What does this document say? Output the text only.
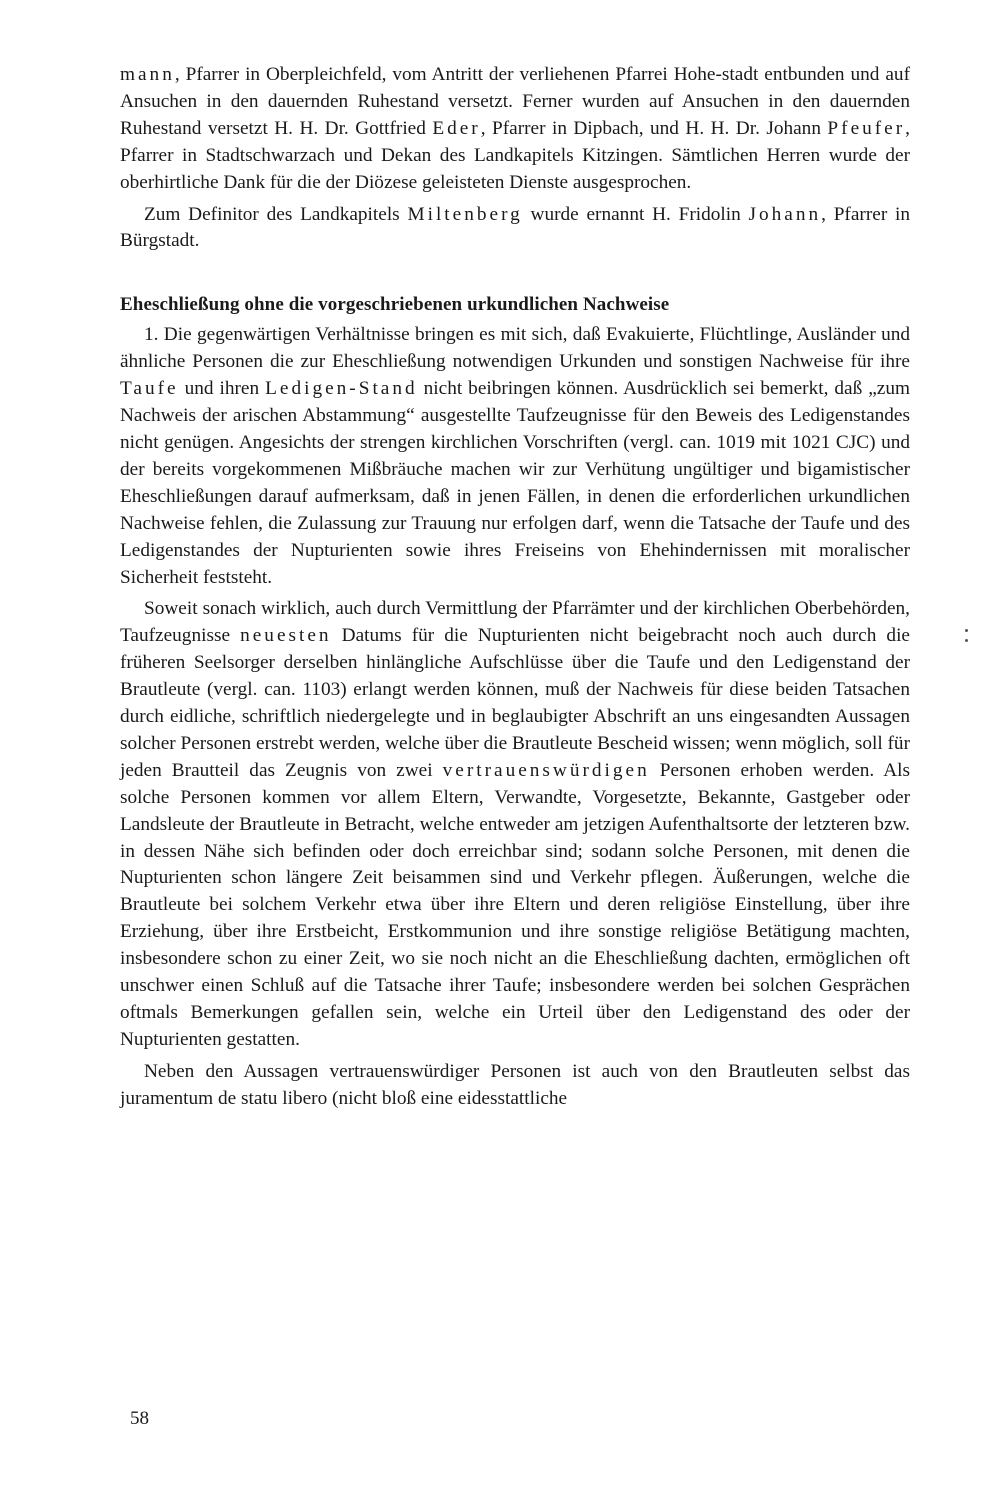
mann, Pfarrer in Oberpleichfeld, vom Antritt der verliehenen Pfarrei Hohe-stadt entbunden und auf Ansuchen in den dauernden Ruhestand versetzt. Ferner wurden auf Ansuchen in den dauernden Ruhestand versetzt H. H. Dr. Gottfried Eder, Pfarrer in Dipbach, und H. H. Dr. Johann Pfeufer, Pfarrer in Stadtschwarzach und Dekan des Landkapitels Kitzingen. Sämtlichen Herren wurde der oberhirtliche Dank für die der Diözese geleisteten Dienste ausgesprochen.

Zum Definitor des Landkapitels Miltenberg wurde ernannt H. Fridolin Johann, Pfarrer in Bürgstadt.

Eheschließung ohne die vorgeschriebenen urkundlichen Nachweise

1. Die gegenwärtigen Verhältnisse bringen es mit sich, daß Evakuierte, Flüchtlinge, Ausländer und ähnliche Personen die zur Eheschließung notwendigen Urkunden und sonstigen Nachweise für ihre Taufe und ihren Ledigen-Stand nicht beibringen können. Ausdrücklich sei bemerkt, daß „zum Nachweis der arischen Abstammung“ ausgestellte Taufzeugnisse für den Beweis des Ledigenstandes nicht genügen. Angesichts der strengen kirchlichen Vorschriften (vergl. can. 1019 mit 1021 CJC) und der bereits vorgekommenen Mißbräuche machen wir zur Verhütung ungültiger und bigamistischer Eheschließungen darauf aufmerksam, daß in jenen Fällen, in denen die erforderlichen urkundlichen Nachweise fehlen, die Zulassung zur Trauung nur erfolgen darf, wenn die Tatsache der Taufe und des Ledigenstandes der Nupturienten sowie ihres Freiseins von Ehehindernissen mit moralischer Sicherheit feststeht.

Soweit sonach wirklich, auch durch Vermittlung der Pfarrämter und der kirchlichen Oberbehörden, Taufzeugnisse neuesten Datums für die Nupturienten nicht beigebracht noch auch durch die früheren Seelsorger derselben hinlängliche Aufschlüsse über die Taufe und den Ledigenstand der Brautleute (vergl. can. 1103) erlangt werden können, muß der Nachweis für diese beiden Tatsachen durch eidliche, schriftlich niedergelegte und in beglaubigter Abschrift an uns eingesandten Aussagen solcher Personen erstrebt werden, welche über die Brautleute Bescheid wissen; wenn möglich, soll für jeden Brautteil das Zeugnis von zwei vertrauenswürdigen Personen erhoben werden. Als solche Personen kommen vor allem Eltern, Verwandte, Vorgesetzte, Bekannte, Gastgeber oder Landsleute der Brautleute in Betracht, welche entweder am jetzigen Aufenthaltsorte der letzteren bzw. in dessen Nähe sich befinden oder doch erreichbar sind; sodann solche Personen, mit denen die Nupturienten schon längere Zeit beisammen sind und Verkehr pflegen. Äußerungen, welche die Brautleute bei solchem Verkehr etwa über ihre Eltern und deren religiöse Einstellung, über ihre Erziehung, über ihre Erstbeicht, Erstkommunion und ihre sonstige religiöse Betätigung machten, insbesondere schon zu einer Zeit, wo sie noch nicht an die Eheschließung dachten, ermöglichen oft unschwer einen Schluß auf die Tatsache ihrer Taufe; insbesondere werden bei solchen Gesprächen oftmals Bemerkungen gefallen sein, welche ein Urteil über den Ledigenstand des oder der Nupturienten gestatten.

Neben den Aussagen vertrauenswürdiger Personen ist auch von den Brautleuten selbst das juramentum de statu libero (nicht bloß eine eidesstattliche

58
